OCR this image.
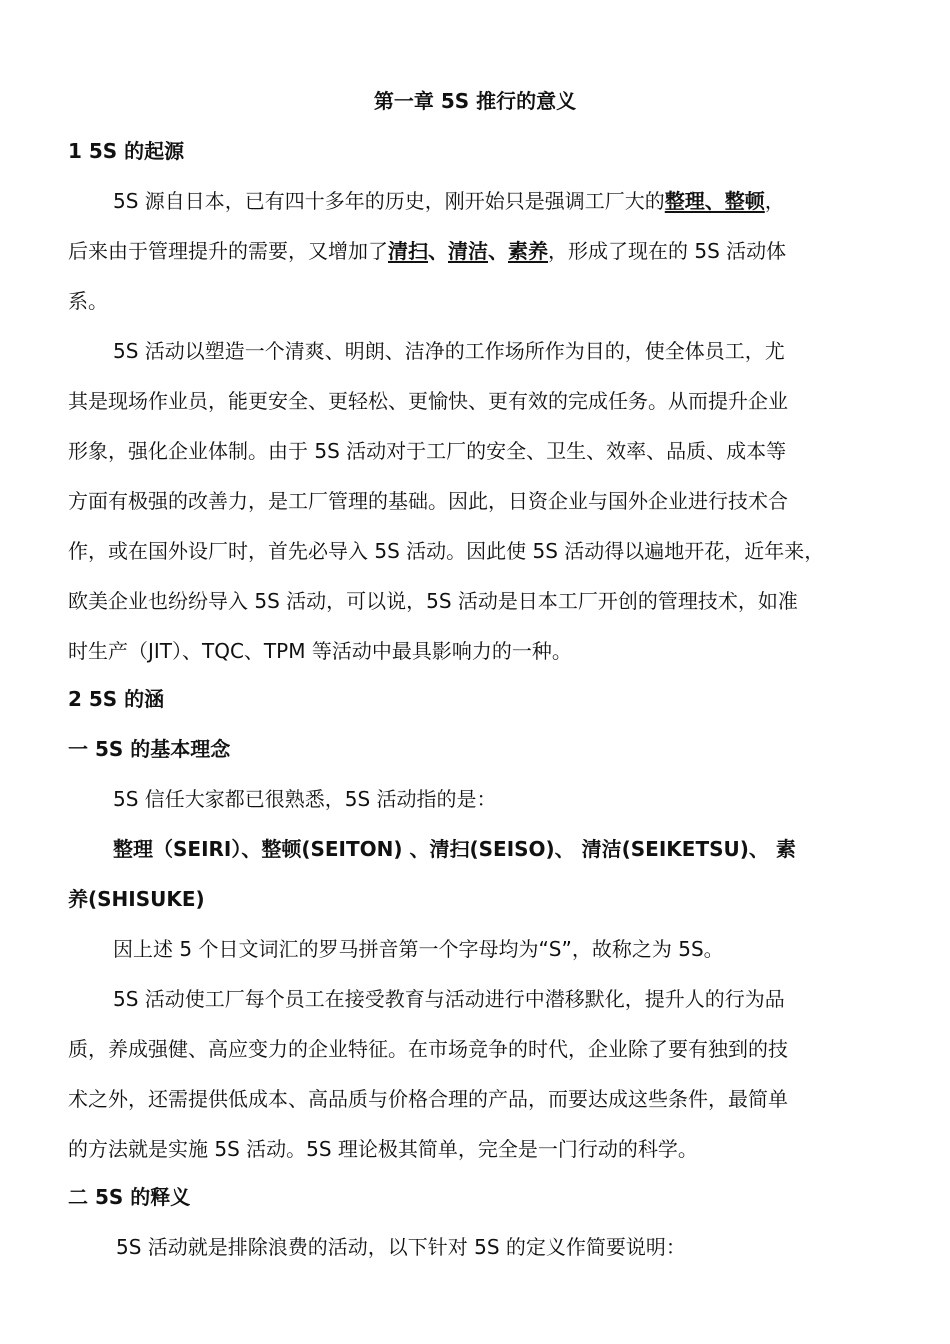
第一章 5S 推行的意义
1 5S 的起源
5S 源自日本，已有四十多年的历史，刚开始只是强调工厂大的整理、整顿，
后来由于管理提升的需要，又增加了清扫、清洁、素养，形成了现在的 5S 活动体
系。
5S 活动以塑造一个清爽、明朗、洁净的工作场所作为目的，使全体员工，尤
其是现场作业员，能更安全、更轻松、更愉快、更有效的完成任务。从而提升企业
形象，强化企业体制。由于 5S 活动对于工厂的安全、卫生、效率、品质、成本等
方面有极强的改善力，是工厂管理的基础。因此，日资企业与国外企业进行技术合
作，或在国外设厂时，首先必导入 5S 活动。因此使 5S 活动得以遍地开花，近年来，
欧美企业也纷纷导入 5S 活动，可以说，5S 活动是日本工厂开创的管理技术，如准
时生产（JIT）、TQC、TPM 等活动中最具影响力的一种。
2 5S 的涵
一 5S 的基本理念
5S 信任大家都已很熟悉，5S 活动指的是：
整理（SEIRI）、整顿(SEITON) 、清扫(SEISO)、 清洁(SEIKETSU)、 素
养(SHISUKE)
因上述 5 个日文词汇的罗马拼音第一个字母均为“S”，故称之为 5S。
5S 活动使工厂每个员工在接受教育与活动进行中潜移默化，提升人的行为品
质，养成强健、高应变力的企业特征。在市场竞争的时代，企业除了要有独到的技
术之外，还需提供低成本、高品质与价格合理的产品，而要达成这些条件，最简单
的方法就是实施 5S 活动。5S 理论极其简单，完全是一门行动的科学。
二 5S 的释义
5S 活动就是排除浪费的活动，以下针对 5S 的定义作简要说明：
